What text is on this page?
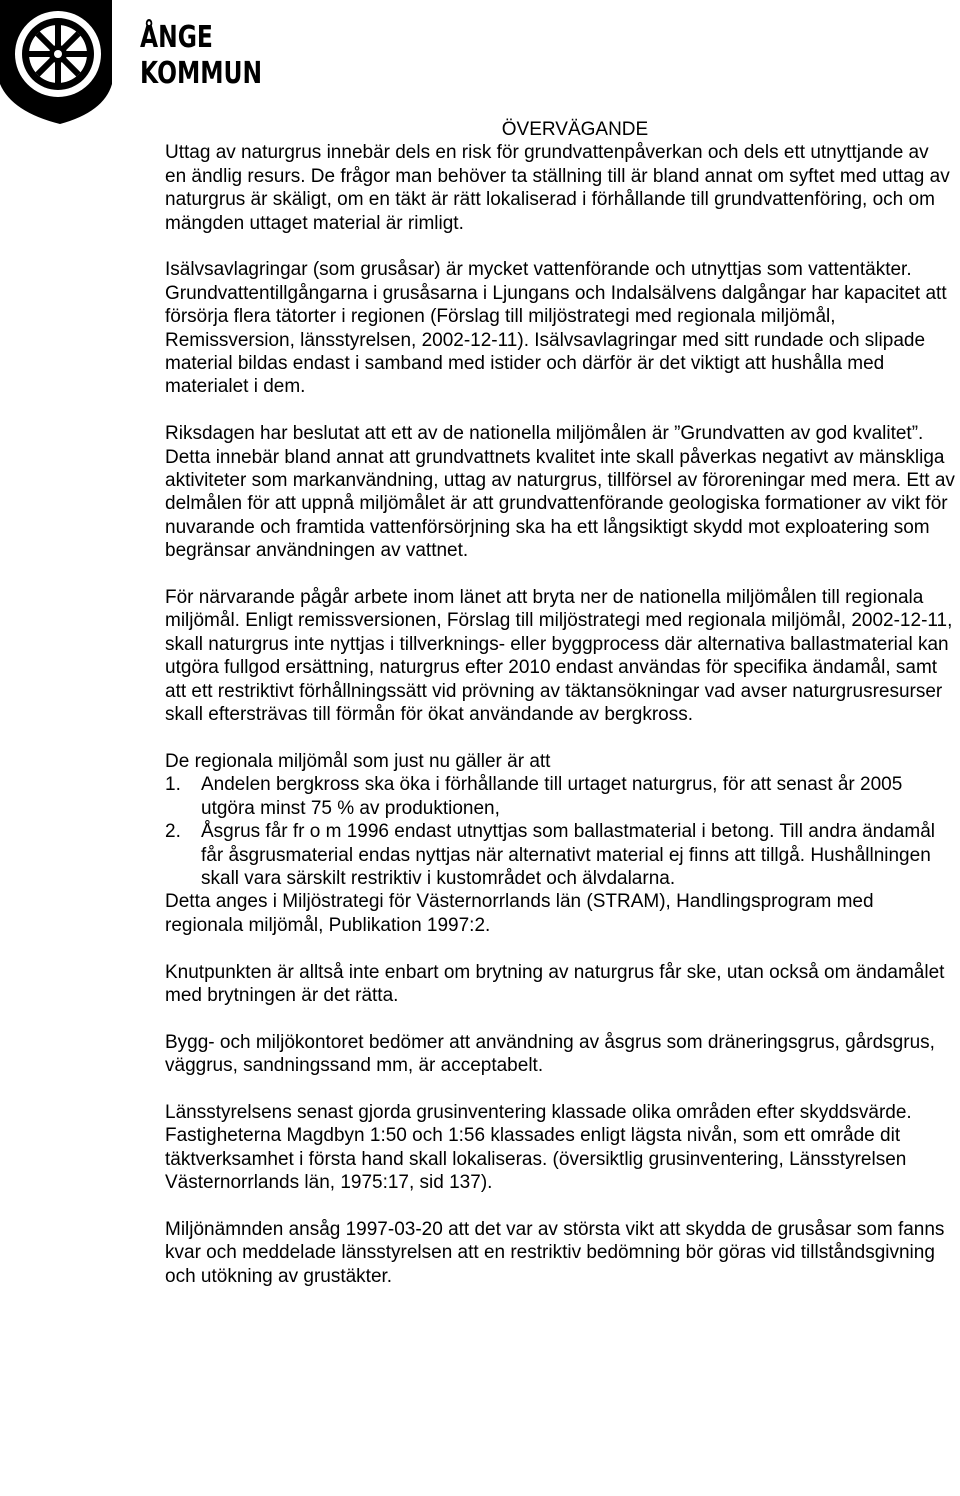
ÅNGE
KOMMUN
ÖVERVÄGANDE

Uttag av naturgrus innebär dels en risk för grundvattenpåverkan och dels ett utnyttjande av en ändlig resurs. De frågor man behöver ta ställning till är bland annat om syftet med uttag av naturgrus är skäligt, om en täkt är rätt lokaliserad i förhållande till grundvattenföring, och om mängden uttaget material är rimligt.

Isälvsavlagringar (som grusåsar) är mycket vattenförande och utnyttjas som vattentäkter. Grundvattentillgångarna i grusåsarna i Ljungans och Indalsälvens dalgångar har kapacitet att försörja flera tätorter i regionen (Förslag till miljöstrategi med regionala miljömål, Remissversion, länsstyrelsen, 2002-12-11). Isälvsavlagringar med sitt rundade och slipade material bildas endast i samband med istider och därför är det viktigt att hushålla med materialet i dem.

Riksdagen har beslutat att ett av de nationella miljömålen är ”Grundvatten av god kvalitet”. Detta innebär bland annat att grundvattnets kvalitet inte skall påverkas negativt av mänskliga aktiviteter som markanvändning, uttag av naturgrus, tillförsel av föroreningar med mera. Ett av delmålen för att uppnå miljömålet är att grundvattenförande geologiska formationer av vikt för nuvarande och framtida vattenförsörjning ska ha ett långsiktigt skydd mot exploatering som begränsar användningen av vattnet.

För närvarande pågår arbete inom länet att bryta ner de nationella miljömålen till regionala miljömål. Enligt remissversionen, Förslag till miljöstrategi med regionala miljömål, 2002-12-11, skall naturgrus inte nyttjas i tillverknings- eller byggprocess där alternativa ballastmaterial kan utgöra fullgod ersättning, naturgrus efter 2010 endast användas för specifika ändamål, samt att ett restriktivt förhållningssätt vid prövning av täktansökningar vad avser naturgrusresurser skall eftersträvas till förmån för ökat användande av bergkross.

De regionala miljömål som just nu gäller är att

1. Andelen bergkross ska öka i förhållande till urtaget naturgrus, för att senast år 2005 utgöra minst 75 % av produktionen,
2. Åsgrus får fr o m 1996 endast utnyttjas som ballastmaterial i betong. Till andra ändamål får åsgrusmaterial endas nyttjas när alternativt material ej finns att tillgå. Hushållningen skall vara särskilt restriktiv i kustområdet och älvdalarna.

Detta anges i Miljöstrategi för Västernorrlands län (STRAM), Handlingsprogram med regionala miljömål, Publikation 1997:2.

Knutpunkten är alltså inte enbart om brytning av naturgrus får ske, utan också om ändamålet med brytningen är det rätta.

Bygg- och miljökontoret bedömer att användning av åsgrus som dräneringsgrus, gårdsgrus, väggrus, sandningssand mm, är acceptabelt.

Länsstyrelsens senast gjorda grusinventering klassade olika områden efter skyddsvärde. Fastigheterna Magdbyn 1:50 och 1:56 klassades enligt lägsta nivån, som ett område dit täktverksamhet i första hand skall lokaliseras. (översiktlig grusinventering, Länsstyrelsen Västernorrlands län, 1975:17, sid 137).

Miljönämnden ansåg 1997-03-20 att det var av största vikt att skydda de grusåsar som fanns kvar och meddelade länsstyrelsen att en restriktiv bedömning bör göras vid tillståndsgivning och utökning av grustäkter.
